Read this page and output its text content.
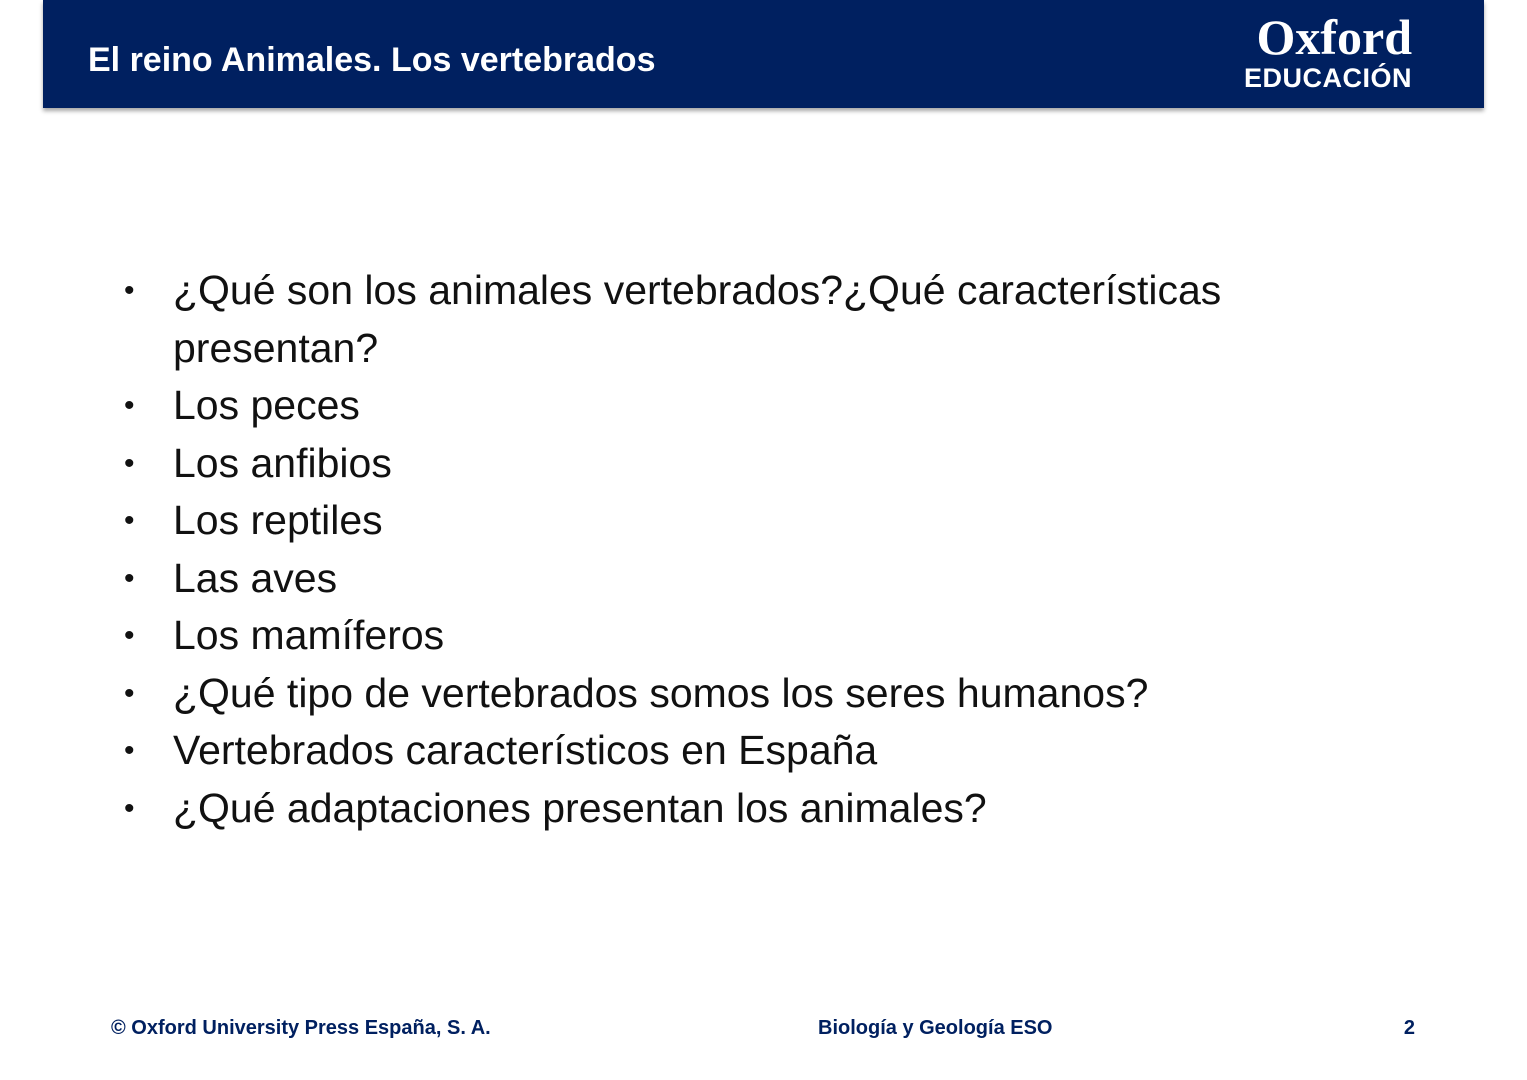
El reino Animales. Los vertebrados	Oxford
EDUCACIÓN
• ¿Qué son los animales vertebrados?¿Qué características presentan?
• Los peces
• Los anfibios
• Los reptiles
• Las aves
• Los mamíferos
• ¿Qué tipo de vertebrados somos los seres humanos?
• Vertebrados característicos en España
• ¿Qué adaptaciones presentan los animales?
© Oxford University Press España, S. A.	Biología y Geología ESO	2
